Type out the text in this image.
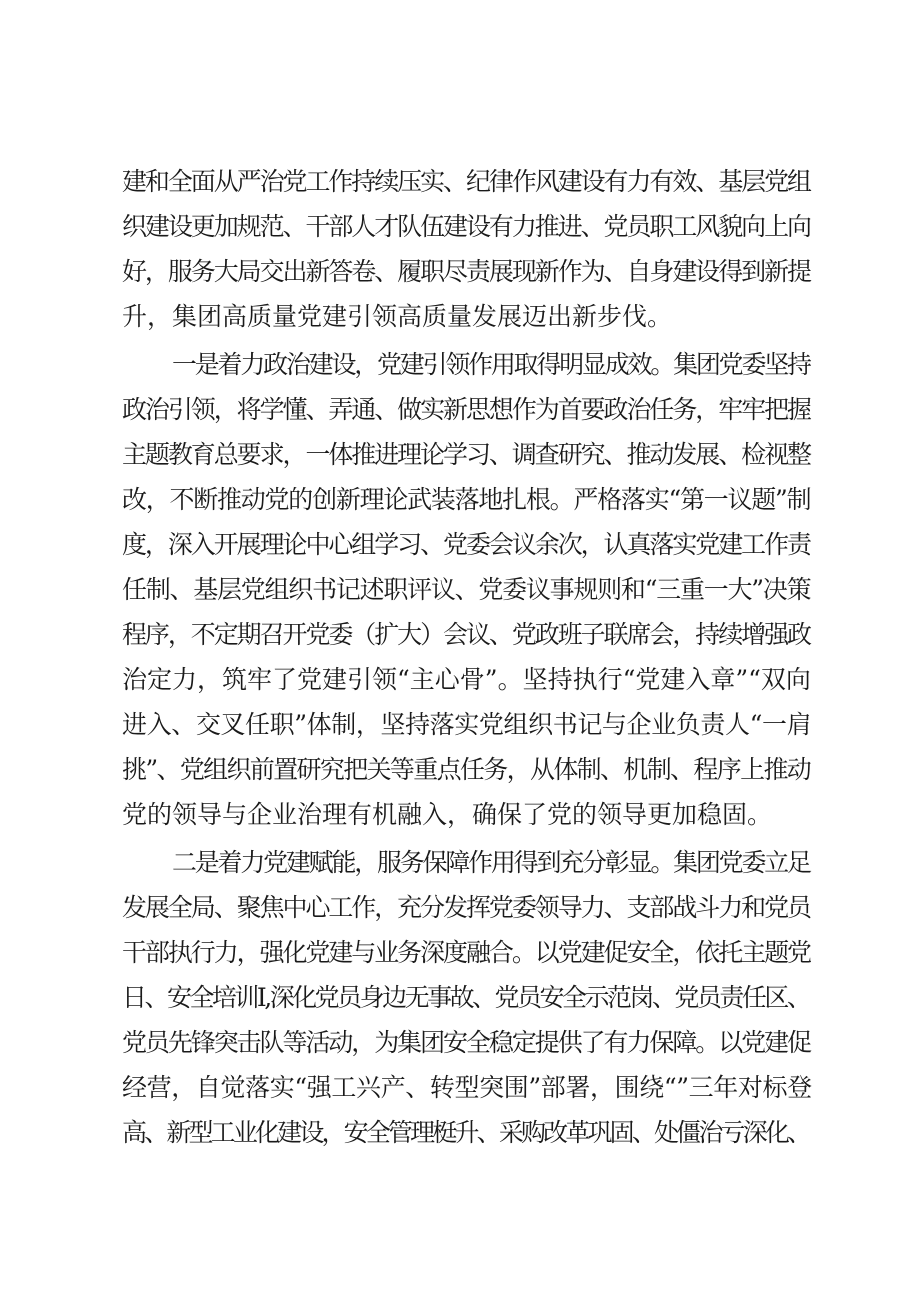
建和全面从严治党工作持续压实、纪律作风建设有力有效、基层党组
织建设更加规范、干部人才队伍建设有力推进、党员职工风貌向上向
好，服务大局交出新答卷、履职尽责展现新作为、自身建设得到新提
升，集团高质量党建引领高质量发展迈出新步伐。
一是着力政治建设，党建引领作用取得明显成效。集团党委坚持
政治引领，将学懂、弄通、做实新思想作为首要政治任务，牢牢把握
主题教育总要求，一体推进理论学习、调查研究、推动发展、检视整
改，不断推动党的创新理论武装落地扎根。严格落实“第一议题”制
度，深入开展理论中心组学习、党委会议余次，认真落实党建工作责
任制、基层党组织书记述职评议、党委议事规则和“三重一大”决策
程序，不定期召开党委（扩大）会议、党政班子联席会，持续增强政
治定力，筑牢了党建引领“主心骨”。坚持执行“党建入章”“双向
进入、交叉任职”体制，坚持落实党组织书记与企业负责人“一肩
挑”、党组织前置研究把关等重点任务，从体制、机制、程序上推动
党的领导与企业治理有机融入，确保了党的领导更加稳固。
二是着力党建赋能，服务保障作用得到充分彰显。集团党委立足
发展全局、聚焦中心工作，充分发挥党委领导力、支部战斗力和党员
干部执行力，强化党建与业务深度融合。以党建促安全，依托主题党
日、安全培训I,深化党员身边无事故、党员安全示范岗、党员责任区、
党员先锋突击队等活动，为集团安全稳定提供了有力保障。以党建促
经营，自觉落实“强工兴产、转型突围”部署，围绕“”三年对标登
高、新型工业化建设，安全管理梃升、采购改革巩固、处僵治亏深化、
